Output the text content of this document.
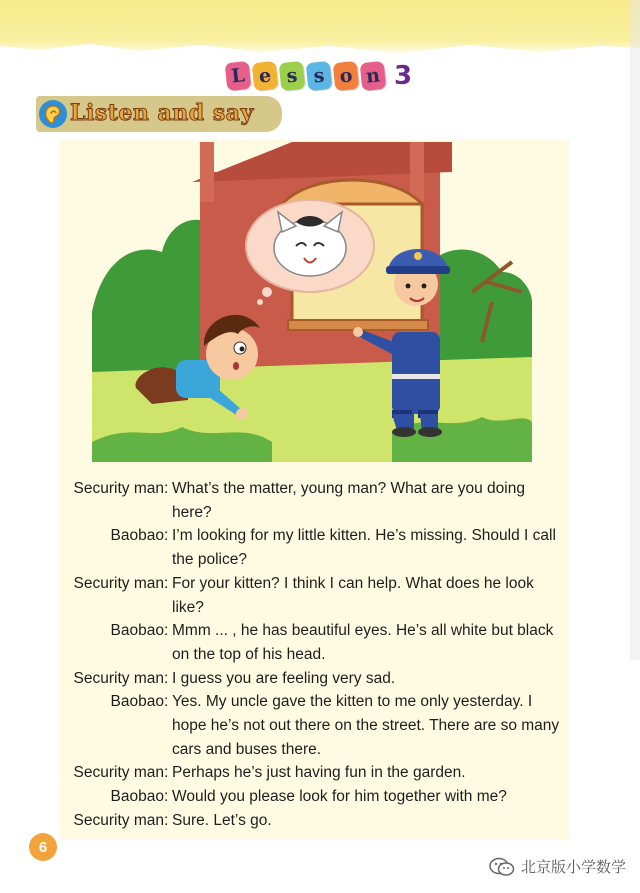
L e s s o n 3
Listen and say
Security man : What’s the matter, young man? What are you doing here?
Baobao : I’m looking for my little kitten. He’s missing. Should I call the police?
Security man : For your kitten? I think I can help. What does he look like?
Baobao : Mmm ... , he has beautiful eyes. He’s all white but black on the top of his head.
Security man : I guess you are feeling very sad.
Baobao : Yes. My uncle gave the kitten to me only yesterday. I hope he’s not out there on the street. There are so many cars and buses there.
Security man : Perhaps he’s just having fun in the garden.
Baobao : Would you please look for him together with me?
Security man : Sure. Let’s go.
6
北京版小学数学
